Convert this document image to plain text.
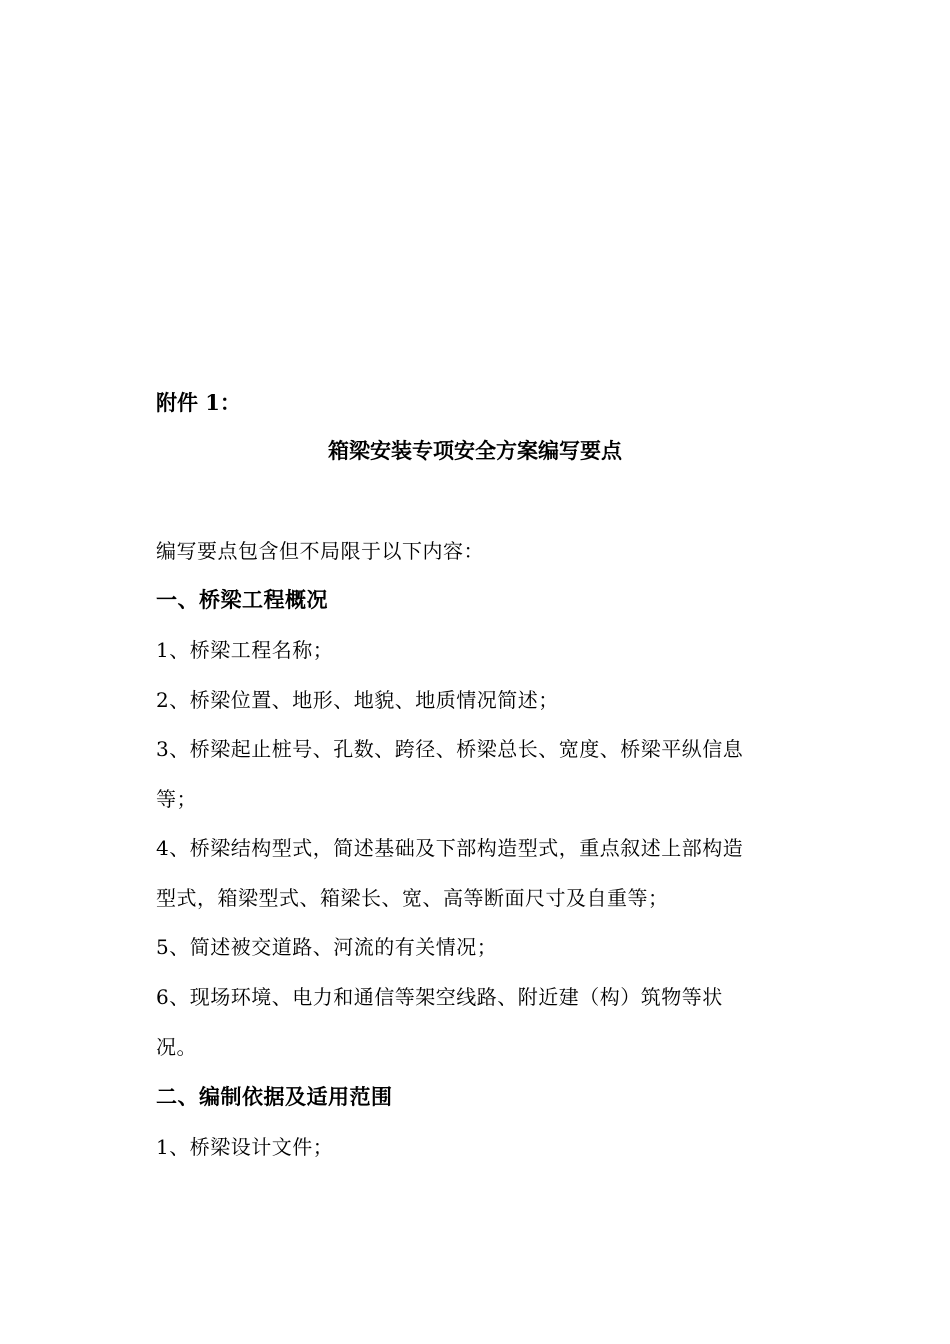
附件 1：
箱梁安装专项安全方案编写要点
编写要点包含但不局限于以下内容：
一、桥梁工程概况
1、桥梁工程名称；
2、桥梁位置、地形、地貌、地质情况简述；
3、桥梁起止桩号、孔数、跨径、桥梁总长、宽度、桥梁平纵信息
等；
4、桥梁结构型式，简述基础及下部构造型式，重点叙述上部构造
型式，箱梁型式、箱梁长、宽、高等断面尺寸及自重等；
5、简述被交道路、河流的有关情况；
6、现场环境、电力和通信等架空线路、附近建（构）筑物等状
况。
二、编制依据及适用范围
1、桥梁设计文件；
